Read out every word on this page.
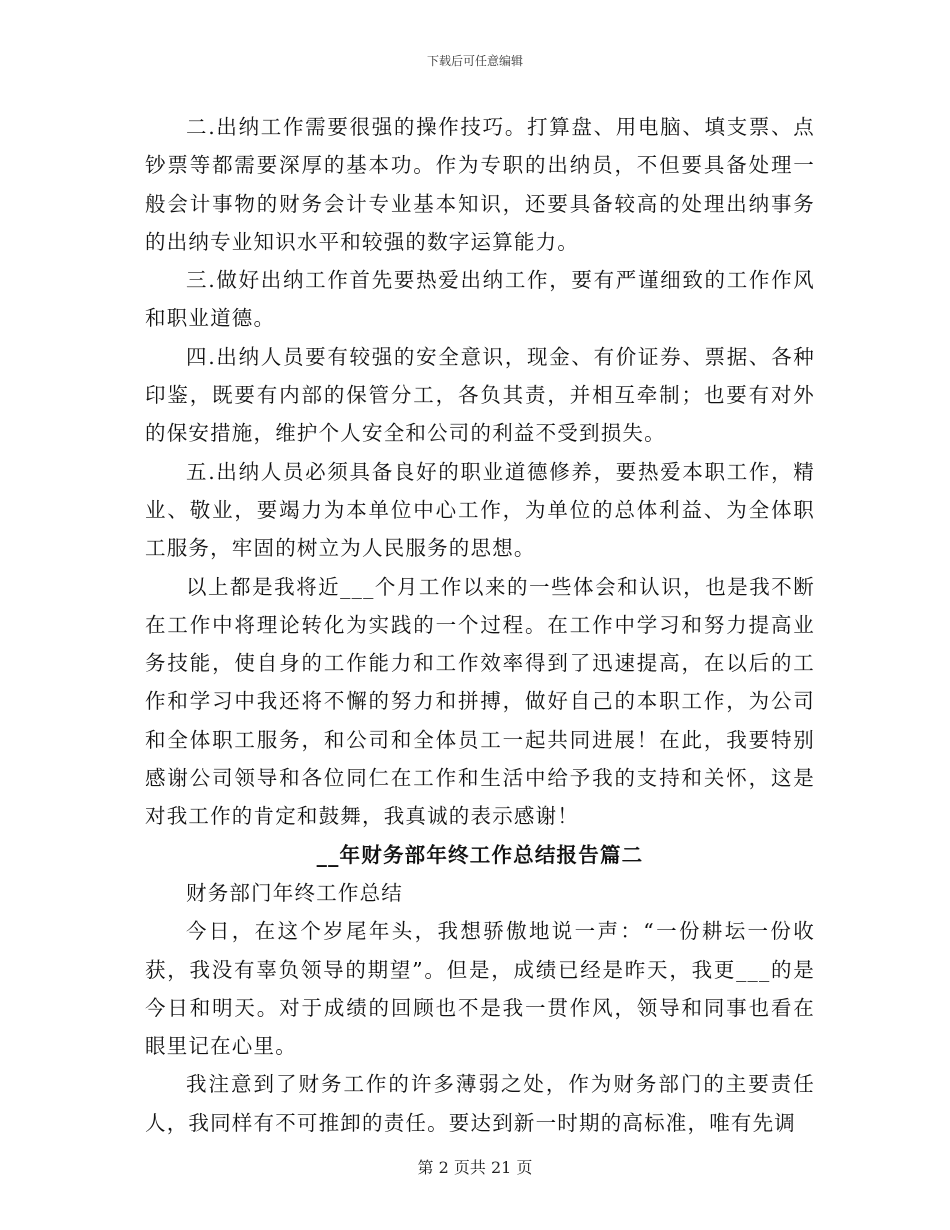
下载后可任意编辑

二.出纳工作需要很强的操作技巧。打算盘、用电脑、填支票、点钞票等都需要深厚的基本功。作为专职的出纳员，不但要具备处理一般会计事物的财务会计专业基本知识，还要具备较高的处理出纳事务的出纳专业知识水平和较强的数字运算能力。

三.做好出纳工作首先要热爱出纳工作，要有严谨细致的工作作风和职业道德。

四.出纳人员要有较强的安全意识，现金、有价证券、票据、各种印鉴，既要有内部的保管分工，各负其责，并相互牵制；也要有对外的保安措施，维护个人安全和公司的利益不受到损失。

五.出纳人员必须具备良好的职业道德修养，要热爱本职工作，精业、敬业，要竭力为本单位中心工作，为单位的总体利益、为全体职工服务，牢固的树立为人民服务的思想。

以上都是我将近___个月工作以来的一些体会和认识，也是我不断在工作中将理论转化为实践的一个过程。在工作中学习和努力提高业务技能，使自身的工作能力和工作效率得到了迅速提高，在以后的工作和学习中我还将不懈的努力和拼搏，做好自己的本职工作，为公司和全体职工服务，和公司和全体员工一起共同进展！在此，我要特别感谢公司领导和各位同仁在工作和生活中给予我的支持和关怀，这是对我工作的肯定和鼓舞，我真诚的表示感谢！

__年财务部年终工作总结报告篇二

财务部门年终工作总结

今日，在这个岁尾年头，我想骄傲地说一声：“一份耕坛一份收获，我没有辜负领导的期望”。但是，成绩已经是昨天，我更___的是今日和明天。对于成绩的回顾也不是我一贯作风，领导和同事也看在眼里记在心里。

我注意到了财务工作的许多薄弱之处，作为财务部门的主要责任人，我同样有不可推卸的责任。要达到新一时期的高标准，唯有先调

第 2 页共 21 页
